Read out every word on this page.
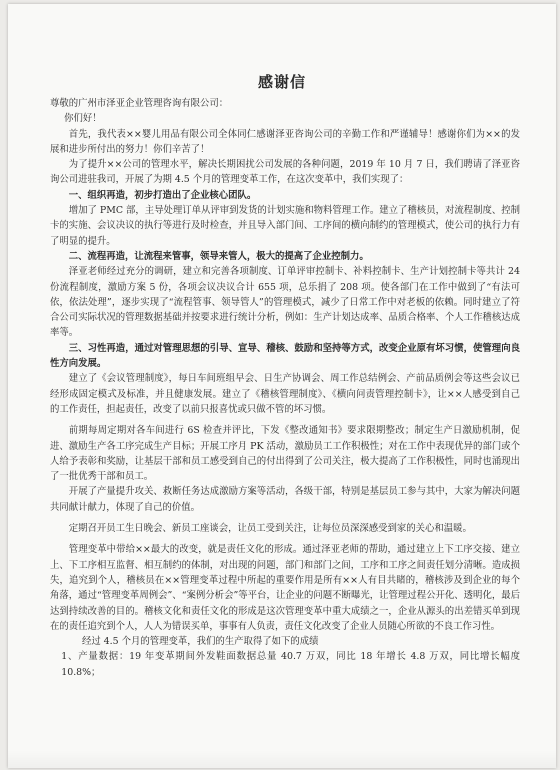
感谢信

尊敬的广州市泽亚企业管理咨询有限公司：

你们好！

首先，我代表××婴儿用品有限公司全体同仁感谢泽亚咨询公司的辛勤工作和严谨辅导！感谢你们为××的发展和进步所付出的努力！你们辛苦了！

为了提升××公司的管理水平，解决长期困扰公司发展的各种问题，2019 年 10 月 7 日，我们聘请了泽亚咨询公司进驻我司，开展了为期 4.5 个月的管理变革工作，在这次变革中，我们实现了：

一、组织再造，初步打造出了企业核心团队。

增加了 PMC 部，主导处理订单从评审到发货的计划实施和物料管理工作。建立了稽核员，对流程制度、控制卡的实施、会议决议的执行等进行及时检查，并且导入部门间、工序间的横向制约的管理模式，使公司的执行力有了明显的提升。

二、流程再造，让流程来管事，领导来管人，极大的提高了企业控制力。

泽亚老师经过充分的调研，建立和完善各项制度、订单评审控制卡、补料控制卡、生产计划控制卡等共计 24 份流程制度，激励方案 5 份，各项会议决议合计 655 项，总乐捐了 208 项。使各部门在工作中做到了“有法可依，依法处理”，逐步实现了“流程管事、领导管人”的管理模式，减少了日常工作中对老板的依赖。同时建立了符合公司实际状况的管理数据基础并按要求进行统计分析，例如：生产计划达成率、品质合格率、个人工作稽核达成率等。

三、习性再造，通过对管理思想的引导、宣导、稽核、鼓励和坚持等方式，改变企业原有坏习惯，使管理向良性方向发展。

建立了《会议管理制度》，每日车间班组早会、日生产协调会、周工作总结例会、产前品质例会等这些会议已经形成固定模式及标准，并且健康发展。建立了《稽核管理制度》、《横向问责管理控制卡》，让××人感受到自己的工作责任，担起责任，改变了以前只报喜忧或只做不管的坏习惯。

前期每周定期对各车间进行 6S 检查并评比，下发《整改通知书》要求限期整改；制定生产日激励机制，促进、激励生产各工序完成生产目标；开展工序月 PK 活动，激励员工工作积极性；对在工作中表现优异的部门或个人给予表彰和奖励，让基层干部和员工感受到自己的付出得到了公司关注，极大提高了工作积极性，同时也涌现出了一批优秀干部和员工。

开展了产量提升攻关、救断任务达成激励方案等活动，各级干部，特别是基层员工参与其中，大家为解决问题共同献计献力，体现了自己的价值。

定期召开员工生日晚会、新员工座谈会，让员工受到关注，让每位员深深感受到家的关心和温暖。

管理变革中带给××最大的改变，就是责任文化的形成。通过泽亚老师的帮助，通过建立上下工序交接、建立上、下工序相互监督、相互制约的体制，对出现的问题，部门和部门之间，工序和工序之间责任划分清晰。造成损失，追究到个人，稽核员在××管理变革过程中所起的重要作用是所有××人有目共睹的，稽核涉及到企业的每个角落，通过“管理变革周例会”、“案例分析会”等平台，让企业的问题不断曝光，让管理过程公开化、透明化，最后达到持续改善的目的。稽核文化和责任文化的形成是这次管理变革中重大成绩之一，企业从源头的出差错买单到现在的责任追究到个人，人人为错误买单，事事有人负责，责任文化改变了企业人员随心所欲的不良工作习性。

经过 4.5 个月的管理变革，我们的生产取得了如下的成绩

1、产量数据：19 年变革期间外发鞋面数据总量 40.7 万双，同比 18 年增长 4.8 万双，同比增长幅度 10.8%；
